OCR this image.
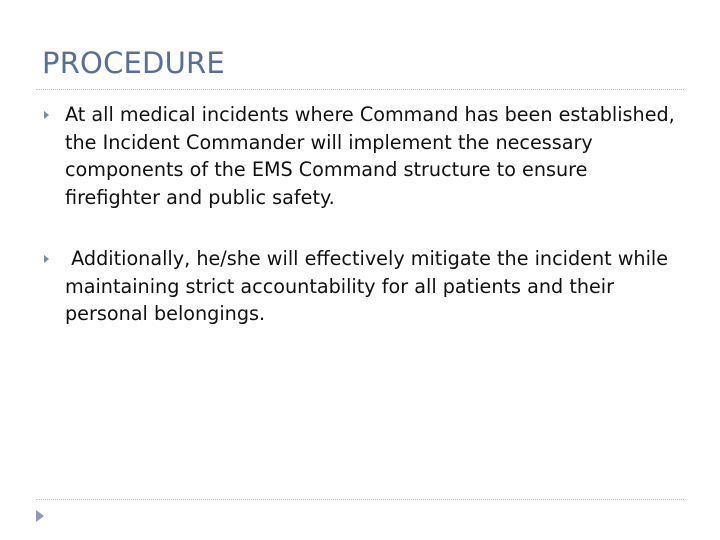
PROCEDURE

At all medical incidents where Command has been established, the Incident Commander will implement the necessary components of the EMS Command structure to ensure firefighter and public safety.

Additionally, he/she will effectively mitigate the incident while maintaining strict accountability for all patients and their personal belongings.
